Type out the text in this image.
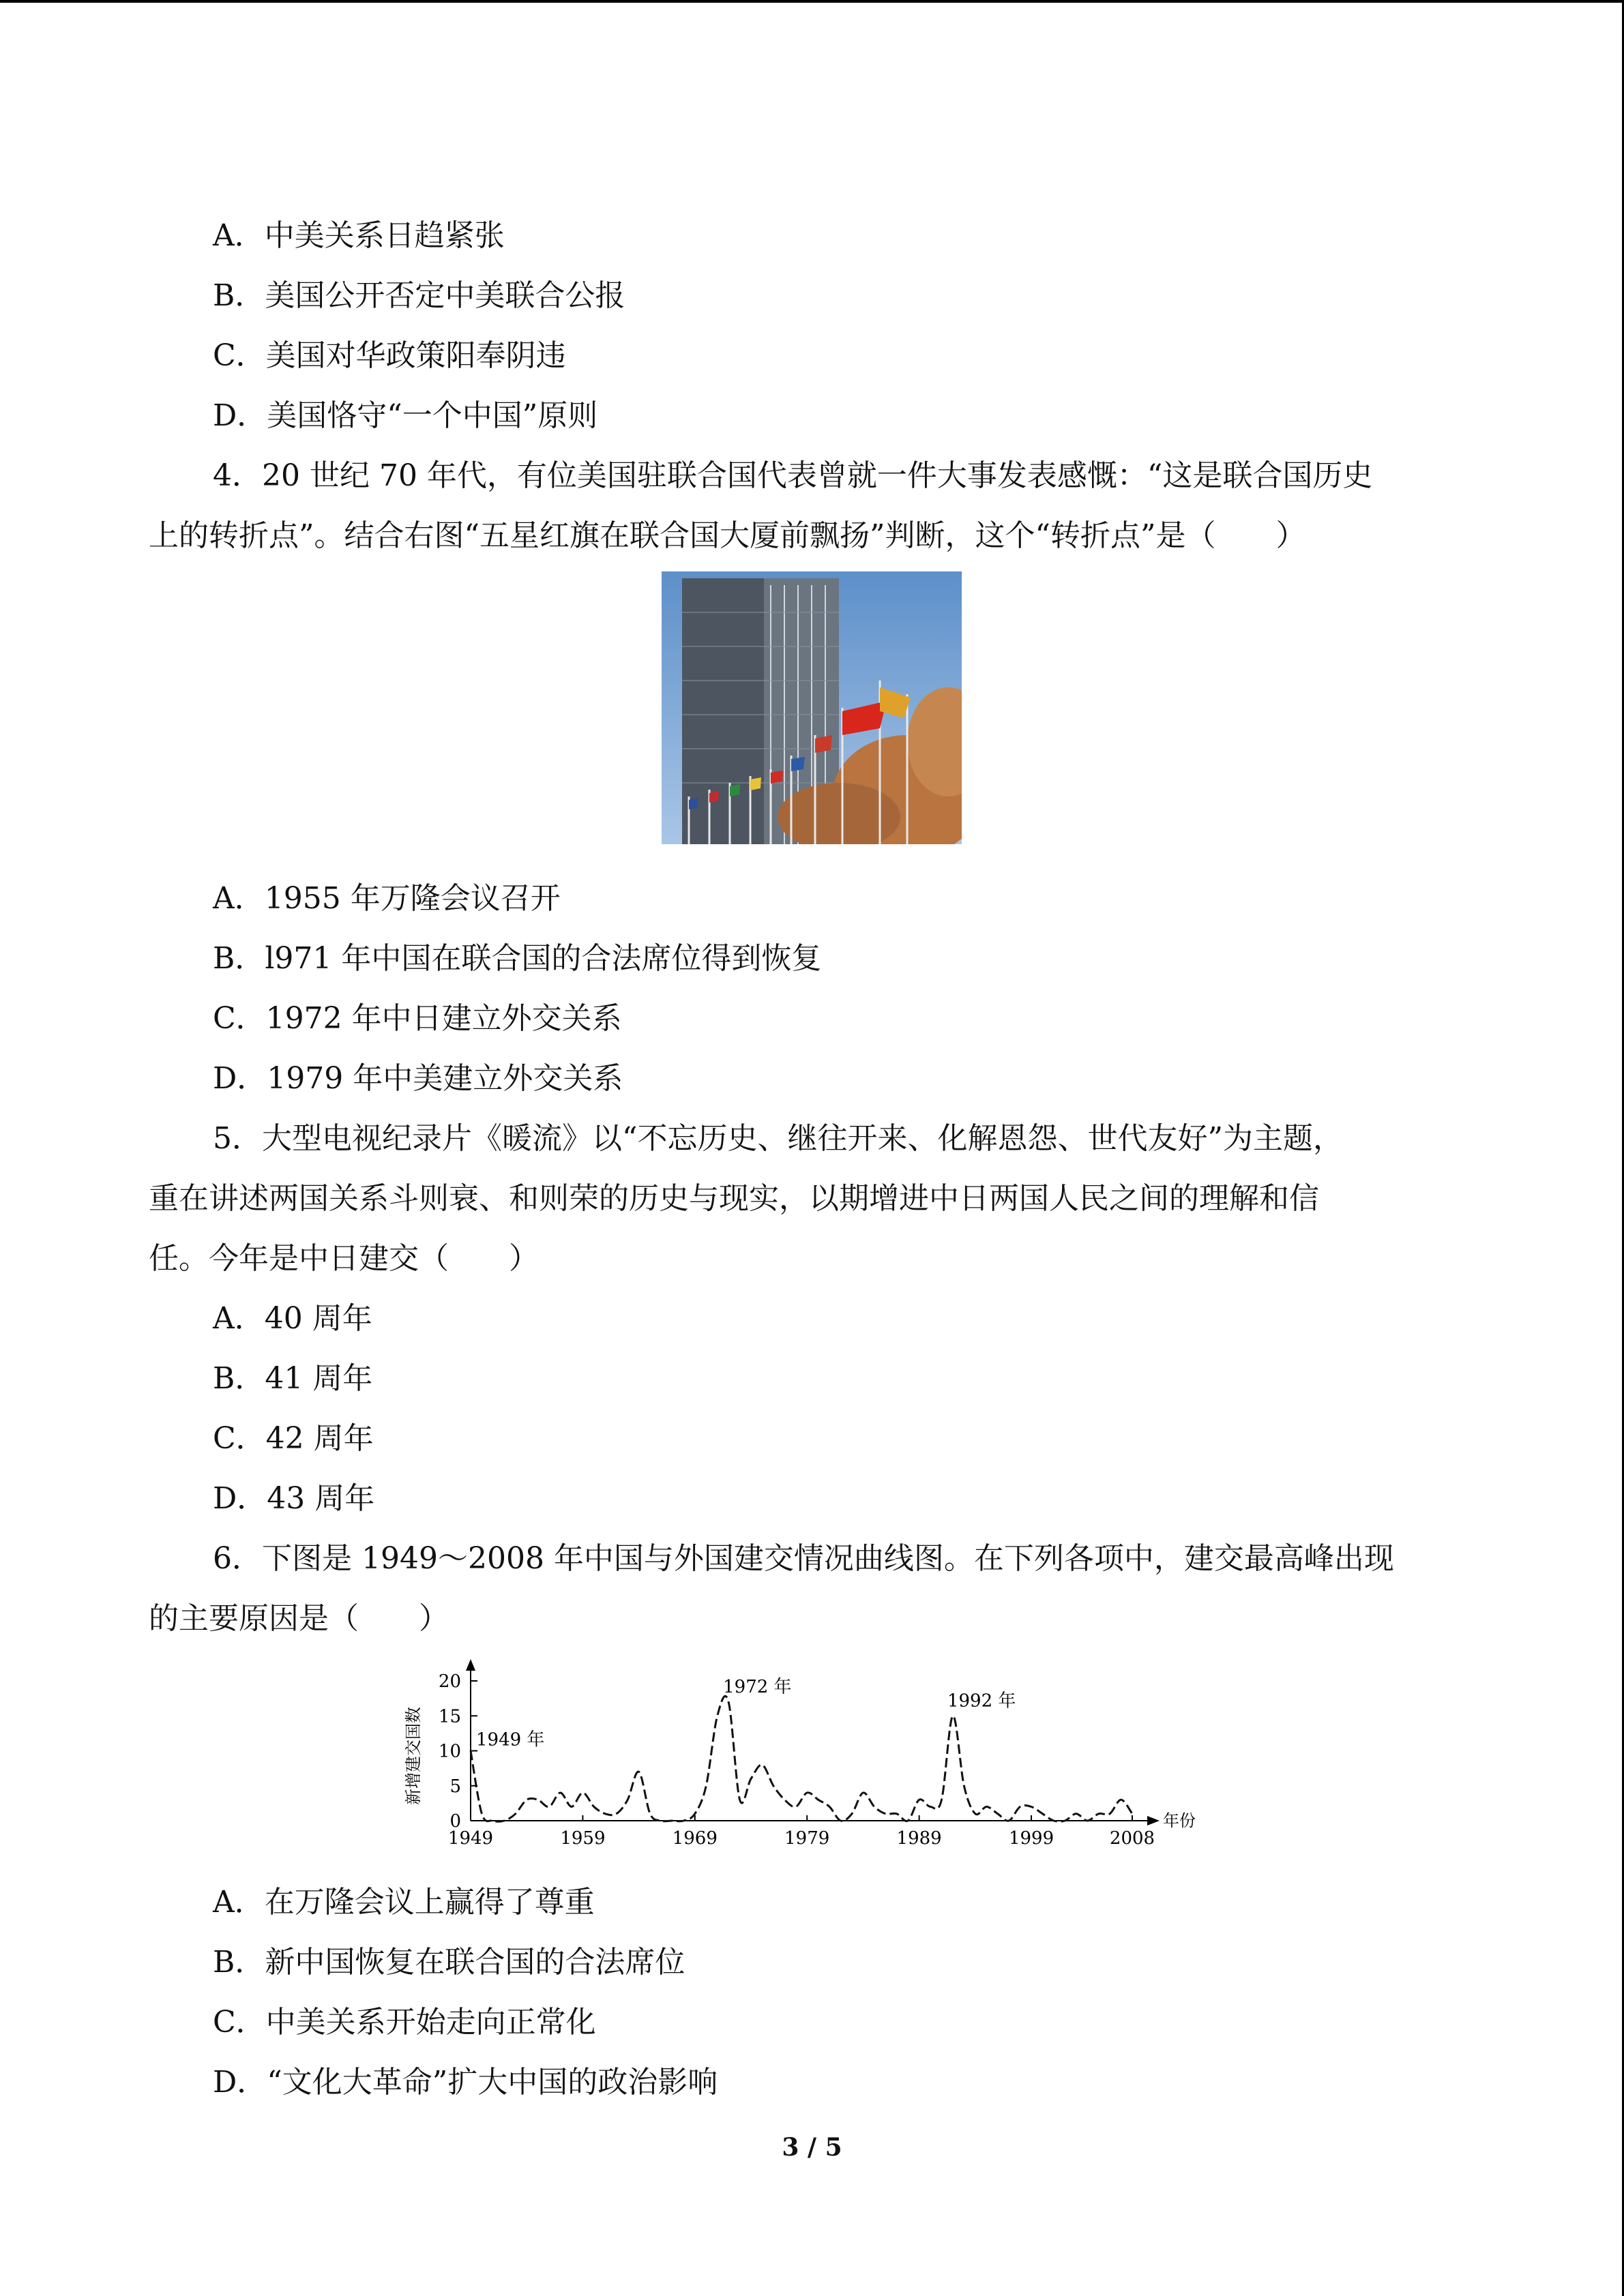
A．中美关系日趋紧张
B．美国公开否定中美联合公报
C．美国对华政策阳奉阴违
D．美国恪守“一个中国”原则
4．20 世纪 70 年代，有位美国驻联合国代表曾就一件大事发表感慨：“这是联合国历史
上的转折点”。结合右图“五星红旗在联合国大厦前飘扬”判断，这个“转折点”是（　　）
A．1955 年万隆会议召开
B．l971 年中国在联合国的合法席位得到恢复
C．1972 年中日建立外交关系
D．1979 年中美建立外交关系
5．大型电视纪录片《暖流》以“不忘历史、继往开来、化解恩怨、世代友好”为主题，
重在讲述两国关系斗则衰、和则荣的历史与现实，以期增进中日两国人民之间的理解和信
任。今年是中日建交（　　）
A．40 周年
B．41 周年
C．42 周年
D．43 周年
6．下图是 1949～2008 年中国与外国建交情况曲线图。在下列各项中，建交最高峰出现
的主要原因是（　　）
新增建交国数
年份
0
5
10
15
20
1949	1959	1969	1979	1989	1999	2008
1949 年
1972 年
1992 年
A．在万隆会议上赢得了尊重
B．新中国恢复在联合国的合法席位
C．中美关系开始走向正常化
D．“文化大革命”扩大中国的政治影响
3 / 5
